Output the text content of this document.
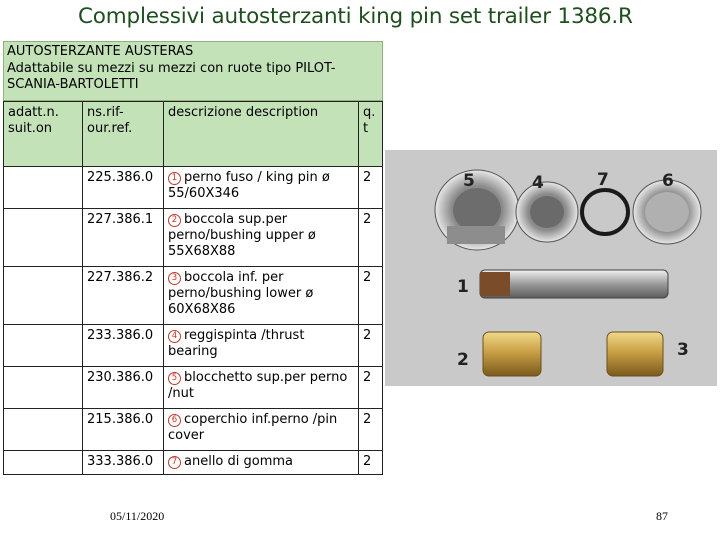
Complessivi autosterzanti king pin set trailer 1386.R
AUTOSTERZANTE AUSTERAS
Adattabile su mezzi su mezzi con ruote tipo PILOT-
SCANIA-BARTOLETTI
adatt.n. suit.on	ns.rif-our.ref.	descrizione description	q. t
	225.386.0	1 perno fuso / king pin ø 55/60X346	2
	227.386.1	2 boccola sup.per perno/bushing upper ø 55X68X88	2
	227.386.2	3 boccola inf. per perno/bushing lower ø 60X68X86	2
	233.386.0	4 reggispinta /thrust bearing	2
	230.386.0	5 blocchetto sup.per perno /nut	2
	215.386.0	6 coperchio inf.perno /pin cover	2
	333.386.0	7 anello di gomma	2
5	4	7	6
1
2	3
05/11/2020	87
